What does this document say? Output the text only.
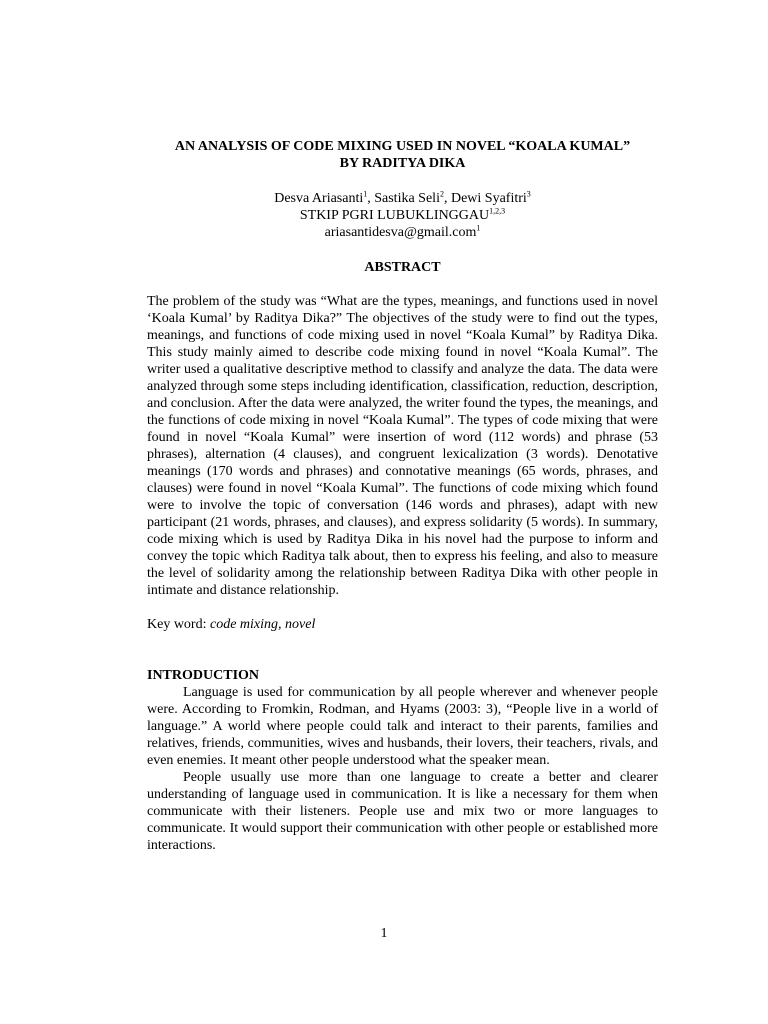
AN ANALYSIS OF CODE MIXING USED IN NOVEL “KOALA KUMAL”
BY RADITYA DIKA
Desva Ariasanti$^1$, Sastika Seli$^2$, Dewi Syafitri$^3$
STKIP PGRI LUBUKLINGGAU$^{1,2,3}$
ariasantidesva@gmail.com$^1$
ABSTRACT
The problem of the study was “What are the types, meanings, and functions used in novel ‘Koala Kumal’ by Raditya Dika?” The objectives of the study were to find out the types, meanings, and functions of code mixing used in novel “Koala Kumal” by Raditya Dika. This study mainly aimed to describe code mixing found in novel “Koala Kumal”. The writer used a qualitative descriptive method to classify and analyze the data. The data were analyzed through some steps including identification, classification, reduction, description, and conclusion. After the data were analyzed, the writer found the types, the meanings, and the functions of code mixing in novel “Koala Kumal”. The types of code mixing that were found in novel “Koala Kumal” were insertion of word (112 words) and phrase (53 phrases), alternation (4 clauses), and congruent lexicalization (3 words). Denotative meanings (170 words and phrases) and connotative meanings (65 words, phrases, and clauses) were found in novel “Koala Kumal”. The functions of code mixing which found were to involve the topic of conversation (146 words and phrases), adapt with new participant (21 words, phrases, and clauses), and express solidarity (5 words). In summary, code mixing which is used by Raditya Dika in his novel had the purpose to inform and convey the topic which Raditya talk about, then to express his feeling, and also to measure the level of solidarity among the relationship between Raditya Dika with other people in intimate and distance relationship.
Key word: code mixing, novel
INTRODUCTION

Language is used for communication by all people wherever and whenever people were. According to Fromkin, Rodman, and Hyams (2003: 3), “People live in a world of language.” A world where people could talk and interact to their parents, families and relatives, friends, communities, wives and husbands, their lovers, their teachers, rivals, and even enemies. It meant other people understood what the speaker mean.

People usually use more than one language to create a better and clearer understanding of language used in communication. It is like a necessary for them when communicate with their listeners. People use and mix two or more languages to communicate. It would support their communication with other people or established more interactions.

1
